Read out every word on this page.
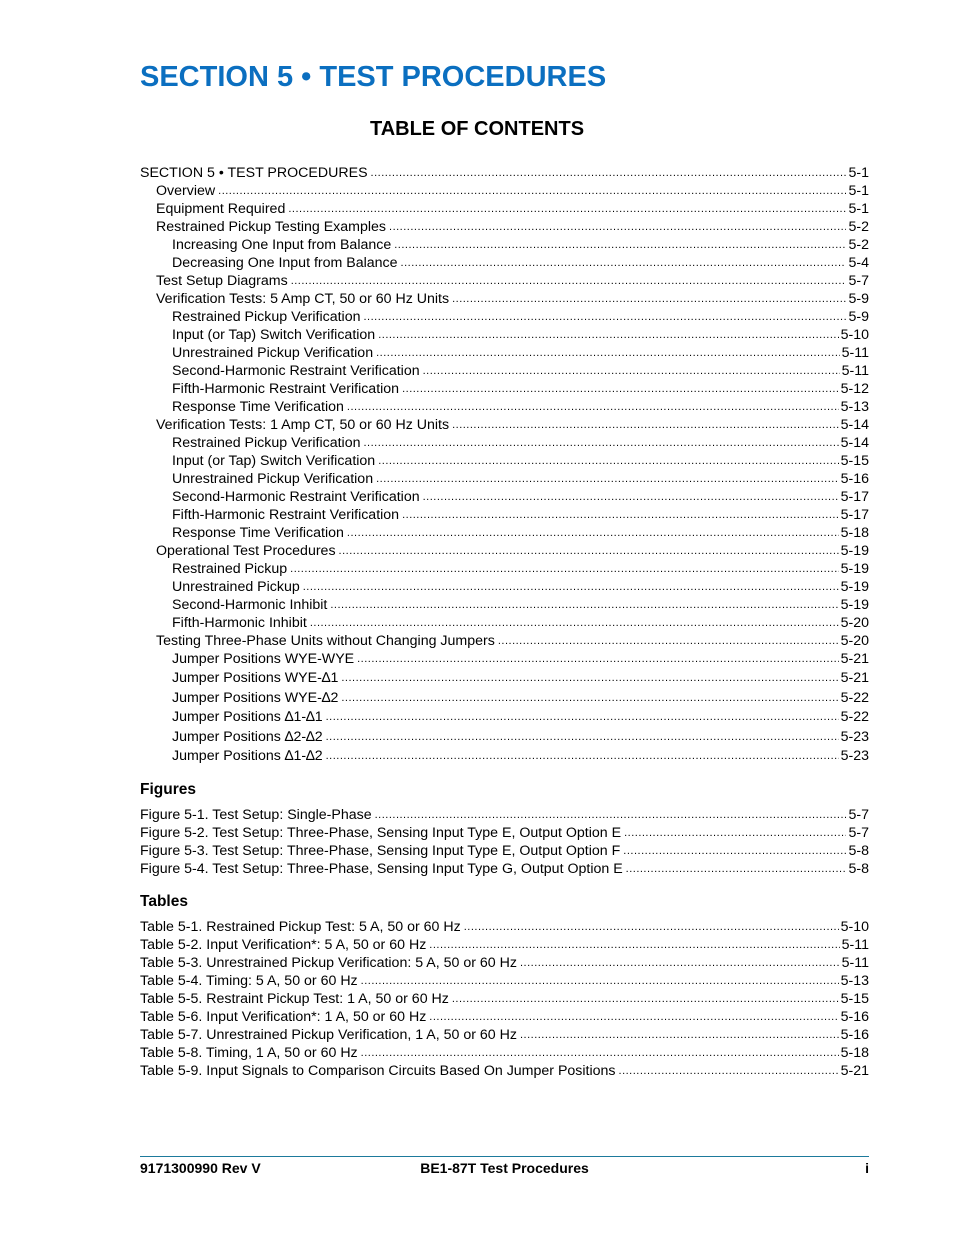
SECTION 5 • TEST PROCEDURES
TABLE OF CONTENTS
SECTION 5 • TEST PROCEDURES .....	5-1
Overview .....	5-1
Equipment Required .....	5-1
Restrained Pickup Testing Examples .....	5-2
Increasing One Input from Balance .....	5-2
Decreasing One Input from Balance .....	5-4
Test Setup Diagrams .....	5-7
Verification Tests: 5 Amp CT, 50 or 60 Hz Units .....	5-9
Restrained Pickup Verification .....	5-9
Input (or Tap) Switch Verification .....	5-10
Unrestrained Pickup Verification .....	5-11
Second-Harmonic Restraint Verification .....	5-11
Fifth-Harmonic Restraint Verification .....	5-12
Response Time Verification .....	5-13
Verification Tests: 1 Amp CT, 50 or 60 Hz Units .....	5-14
Restrained Pickup Verification .....	5-14
Input (or Tap) Switch Verification .....	5-15
Unrestrained Pickup Verification .....	5-16
Second-Harmonic Restraint Verification .....	5-17
Fifth-Harmonic Restraint Verification .....	5-17
Response Time Verification .....	5-18
Operational Test Procedures .....	5-19
Restrained Pickup .....	5-19
Unrestrained Pickup .....	5-19
Second-Harmonic Inhibit .....	5-19
Fifth-Harmonic Inhibit .....	5-20
Testing Three-Phase Units without Changing Jumpers .....	5-20
Jumper Positions WYE-WYE .....	5-21
Jumper Positions WYE-∆1 .....	5-21
Jumper Positions WYE-∆2 .....	5-22
Jumper Positions ∆1-∆1 .....	5-22
Jumper Positions ∆2-∆2 .....	5-23
Jumper Positions ∆1-∆2 .....	5-23
Figures
Figure 5-1. Test Setup: Single-Phase .....	5-7
Figure 5-2. Test Setup: Three-Phase, Sensing Input Type E, Output Option E .....	5-7
Figure 5-3. Test Setup: Three-Phase, Sensing Input Type E, Output Option F .....	5-8
Figure 5-4. Test Setup: Three-Phase, Sensing Input Type G, Output Option E .....	5-8
Tables
Table 5-1. Restrained Pickup Test: 5 A, 50 or 60 Hz .....	5-10
Table 5-2. Input Verification*: 5 A, 50 or 60 Hz .....	5-11
Table 5-3. Unrestrained Pickup Verification: 5 A, 50 or 60 Hz .....	5-11
Table 5-4. Timing: 5 A, 50 or 60 Hz .....	5-13
Table 5-5. Restraint Pickup Test: 1 A, 50 or 60 Hz .....	5-15
Table 5-6. Input Verification*: 1 A, 50 or 60 Hz .....	5-16
Table 5-7. Unrestrained Pickup Verification, 1 A, 50 or 60 Hz .....	5-16
Table 5-8. Timing, 1 A, 50 or 60 Hz .....	5-18
Table 5-9. Input Signals to Comparison Circuits Based On Jumper Positions .....	5-21
9171300990 Rev V	BE1-87T Test Procedures	i
